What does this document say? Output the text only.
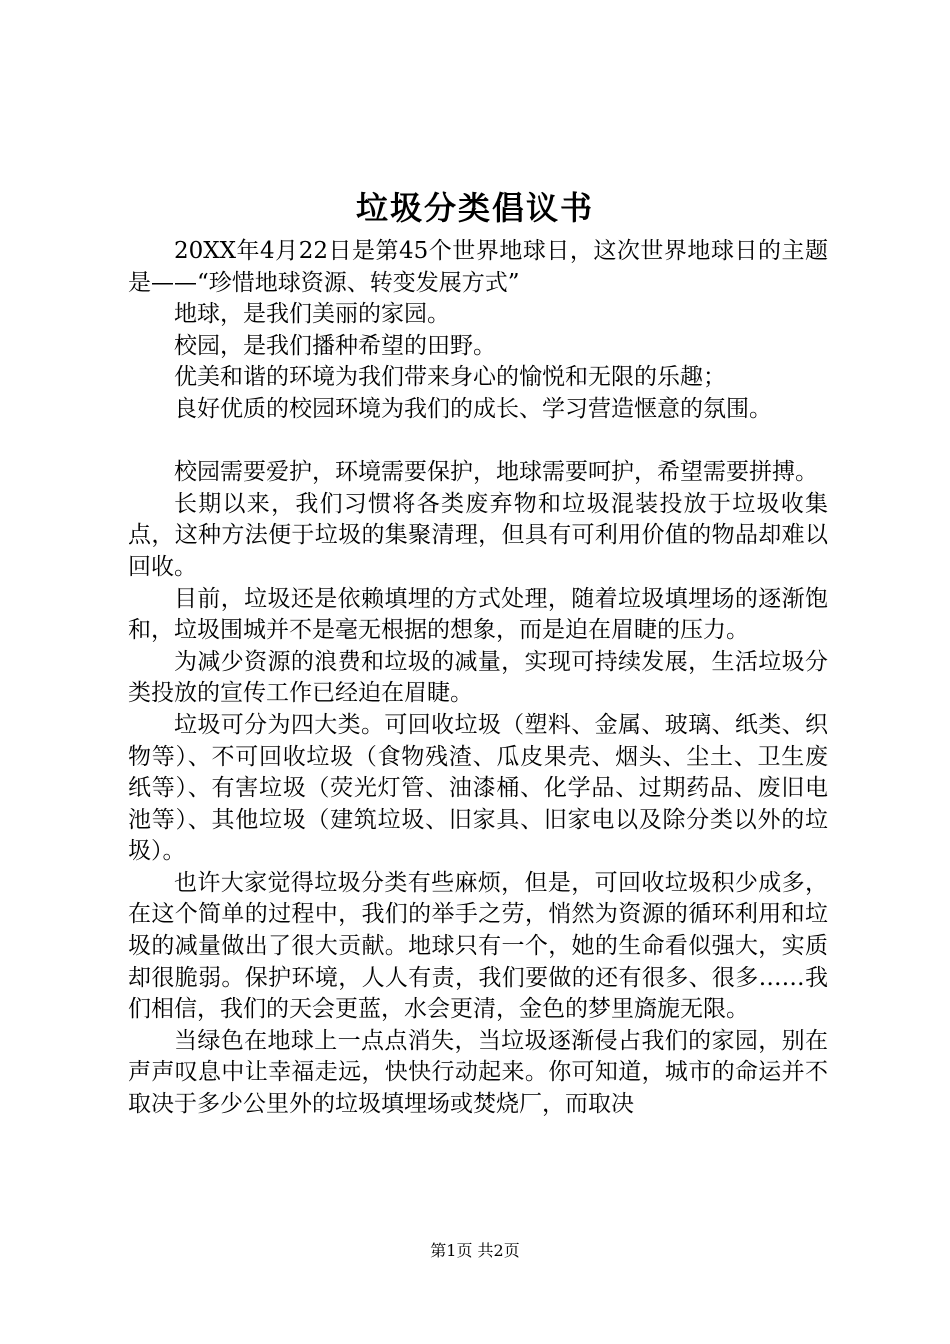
垃圾分类倡议书

20XX年4月22日是第45个世界地球日，这次世界地球日的主题是——“珍惜地球资源、转变发展方式”

地球，是我们美丽的家园。

校园，是我们播种希望的田野。

优美和谐的环境为我们带来身心的愉悦和无限的乐趣；

良好优质的校园环境为我们的成长、学习营造惬意的氛围。

校园需要爱护，环境需要保护，地球需要呵护，希望需要拼搏。

长期以来，我们习惯将各类废弃物和垃圾混装投放于垃圾收集点，这种方法便于垃圾的集聚清理，但具有可利用价值的物品却难以回收。

目前，垃圾还是依赖填埋的方式处理，随着垃圾填埋场的逐渐饱和，垃圾围城并不是毫无根据的想象，而是迫在眉睫的压力。

为减少资源的浪费和垃圾的减量，实现可持续发展，生活垃圾分类投放的宣传工作已经迫在眉睫。

垃圾可分为四大类。可回收垃圾（塑料、金属、玻璃、纸类、织物等）、不可回收垃圾（食物残渣、瓜皮果壳、烟头、尘土、卫生废纸等）、有害垃圾（荧光灯管、油漆桶、化学品、过期药品、废旧电池等）、其他垃圾（建筑垃圾、旧家具、旧家电以及除分类以外的垃圾）。

也许大家觉得垃圾分类有些麻烦，但是，可回收垃圾积少成多，在这个简单的过程中，我们的举手之劳，悄然为资源的循环利用和垃圾的减量做出了很大贡献。地球只有一个，她的生命看似强大，实质却很脆弱。保护环境，人人有责，我们要做的还有很多、很多……我们相信，我们的天会更蓝，水会更清，金色的梦里旖旎无限。

当绿色在地球上一点点消失，当垃圾逐渐侵占我们的家园，别在声声叹息中让幸福走远，快快行动起来。你可知道，城市的命运并不取决于多少公里外的垃圾填埋场或焚烧厂，而取决

第1页 共2页
